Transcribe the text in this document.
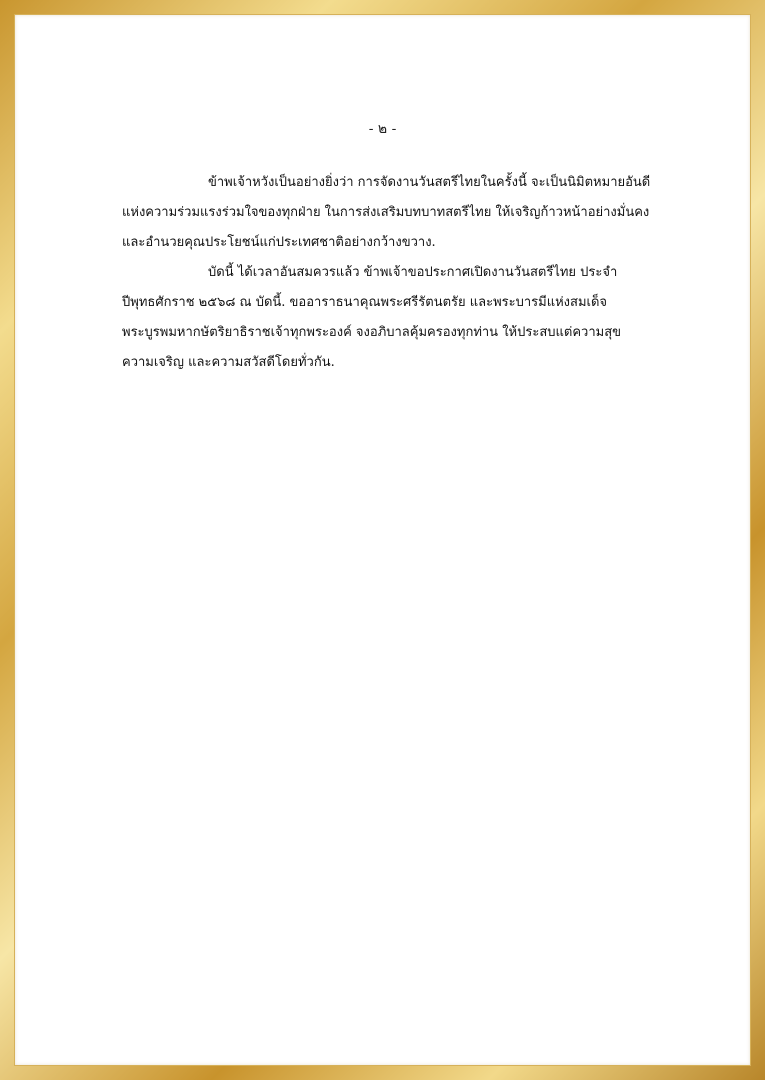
- ๒ -
ข้าพเจ้าหวังเป็นอย่างยิ่งว่า การจัดงานวันสตรีไทยในครั้งนี้ จะเป็นนิมิตหมายอันดี
แห่งความร่วมแรงร่วมใจของทุกฝ่าย ในการส่งเสริมบทบาทสตรีไทย ให้เจริญก้าวหน้าอย่างมั่นคง
และอำนวยคุณประโยชน์แก่ประเทศชาติอย่างกว้างขวาง.
บัดนี้ ได้เวลาอันสมควรแล้ว ข้าพเจ้าขอประกาศเปิดงานวันสตรีไทย ประจำ
ปีพุทธศักราช ๒๕๖๘ ณ บัดนี้. ขออาราธนาคุณพระศรีรัตนตรัย และพระบารมีแห่งสมเด็จ
พระบูรพมหากษัตริยาธิราชเจ้าทุกพระองค์ จงอภิบาลคุ้มครองทุกท่าน ให้ประสบแต่ความสุข
ความเจริญ และความสวัสดีโดยทั่วกัน.
